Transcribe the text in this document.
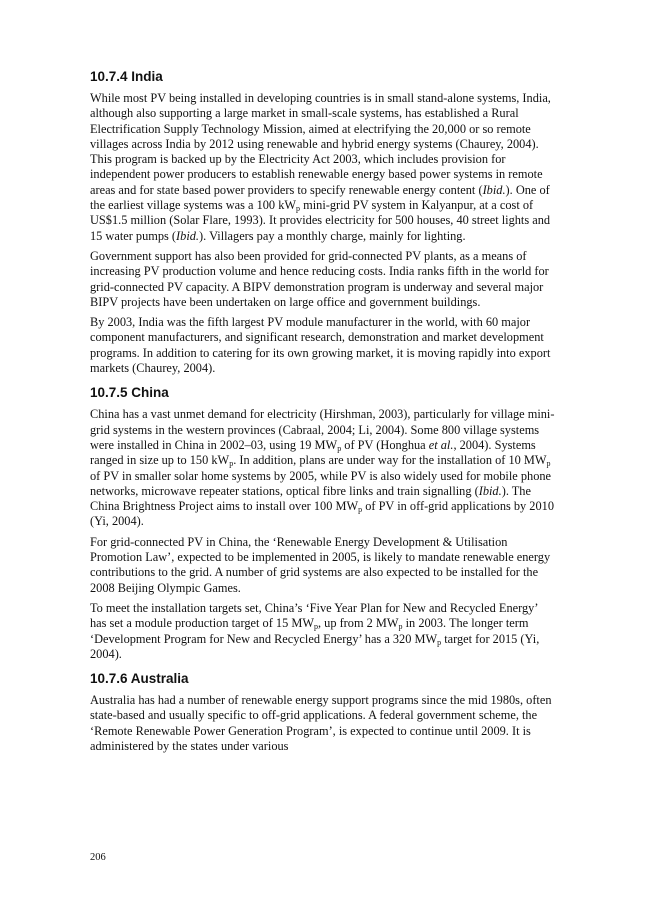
10.7.4 India

While most PV being installed in developing countries is in small stand-alone systems, India, although also supporting a large market in small-scale systems, has established a Rural Electrification Supply Technology Mission, aimed at electrifying the 20,000 or so remote villages across India by 2012 using renewable and hybrid energy systems (Chaurey, 2004). This program is backed up by the Electricity Act 2003, which includes provision for independent power producers to establish renewable energy based power systems in remote areas and for state based power providers to specify renewable energy content (Ibid.). One of the earliest village systems was a 100 $kW_p$ mini-grid PV system in Kalyanpur, at a cost of US$1.5 million (Solar Flare, 1993). It provides electricity for 500 houses, 40 street lights and 15 water pumps (Ibid.). Villagers pay a monthly charge, mainly for lighting.

Government support has also been provided for grid-connected PV plants, as a means of increasing PV production volume and hence reducing costs. India ranks fifth in the world for grid-connected PV capacity. A BIPV demonstration program is underway and several major BIPV projects have been undertaken on large office and government buildings.

By 2003, India was the fifth largest PV module manufacturer in the world, with 60 major component manufacturers, and significant research, demonstration and market development programs. In addition to catering for its own growing market, it is moving rapidly into export markets (Chaurey, 2004).

10.7.5 China

China has a vast unmet demand for electricity (Hirshman, 2003), particularly for village mini-grid systems in the western provinces (Cabraal, 2004; Li, 2004). Some 800 village systems were installed in China in 2002–03, using 19 $MW_p$ of PV (Honghua et al., 2004). Systems ranged in size up to 150 $kW_p$. In addition, plans are under way for the installation of 10 $MW_p$ of PV in smaller solar home systems by 2005, while PV is also widely used for mobile phone networks, microwave repeater stations, optical fibre links and train signalling (Ibid.). The China Brightness Project aims to install over 100 $MW_p$ of PV in off-grid applications by 2010 (Yi, 2004).

For grid-connected PV in China, the ‘Renewable Energy Development & Utilisation Promotion Law’, expected to be implemented in 2005, is likely to mandate renewable energy contributions to the grid. A number of grid systems are also expected to be installed for the 2008 Beijing Olympic Games.

To meet the installation targets set, China’s ‘Five Year Plan for New and Recycled Energy’ has set a module production target of 15 $MW_p$, up from 2 $MW_p$ in 2003. The longer term ‘Development Program for New and Recycled Energy’ has a 320 $MW_p$ target for 2015 (Yi, 2004).

10.7.6 Australia

Australia has had a number of renewable energy support programs since the mid 1980s, often state-based and usually specific to off-grid applications. A federal government scheme, the ‘Remote Renewable Power Generation Program’, is expected to continue until 2009. It is administered by the states under various

206
